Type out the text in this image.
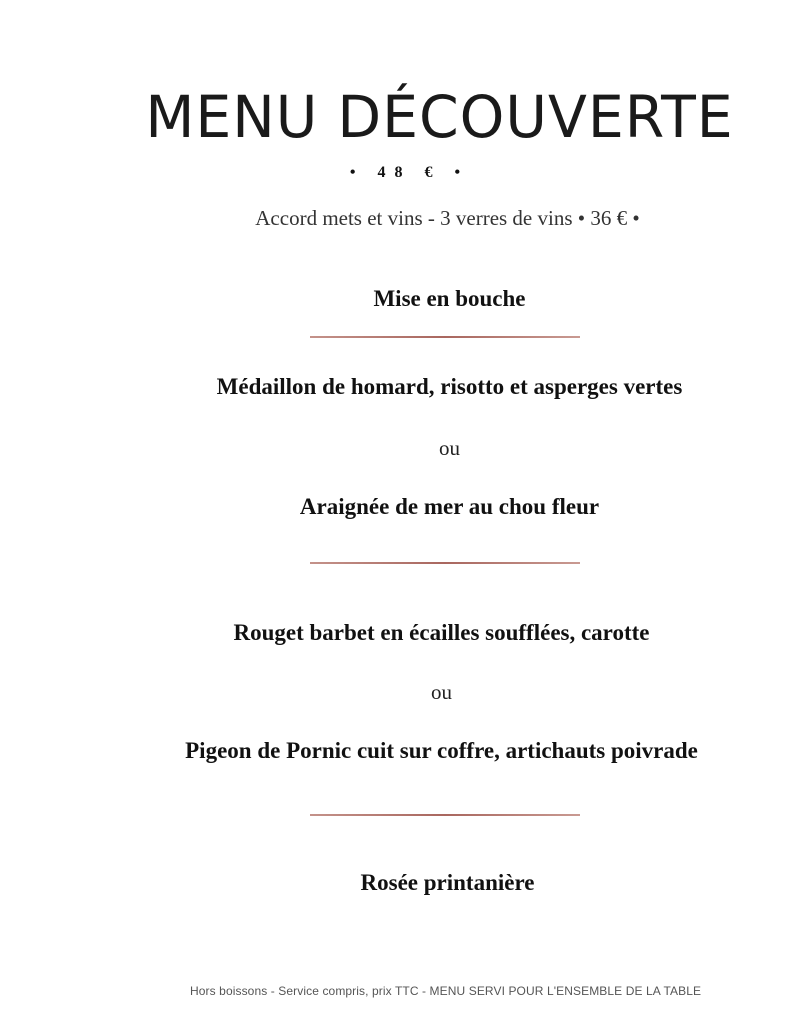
MENU DÉCOUVERTE
• 48 € •
Accord mets et vins - 3 verres de vins • 36 € •
Mise en bouche
Médaillon de homard, risotto et asperges vertes
ou
Araignée de mer au chou fleur
Rouget barbet en écailles soufflées, carotte
ou
Pigeon de Pornic cuit sur coffre, artichauts poivrade
Rosée printanière
Hors boissons - Service compris, prix TTC - MENU SERVI POUR L'ENSEMBLE DE LA TABLE
